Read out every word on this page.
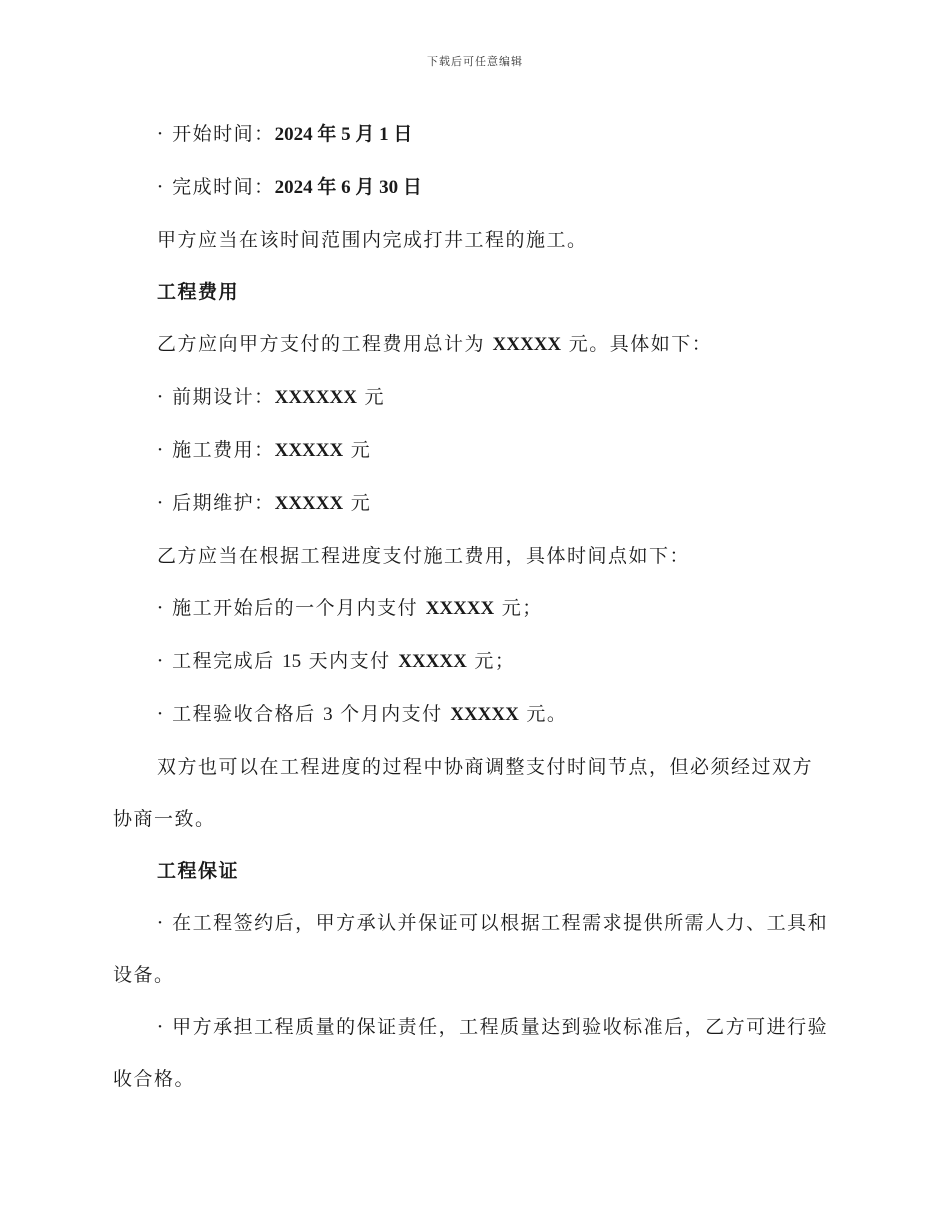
下载后可任意编辑
· 开始时间：2024 年 5 月 1 日
· 完成时间：2024 年 6 月 30 日
甲方应当在该时间范围内完成打井工程的施工。
工程费用
乙方应向甲方支付的工程费用总计为 XXXXX 元。具体如下：
· 前期设计：XXXXXX 元
· 施工费用：XXXXX 元
· 后期维护：XXXXX 元
乙方应当在根据工程进度支付施工费用，具体时间点如下：
· 施工开始后的一个月内支付 XXXXX 元；
· 工程完成后 15 天内支付 XXXXX 元；
· 工程验收合格后 3 个月内支付 XXXXX 元。
双方也可以在工程进度的过程中协商调整支付时间节点，但必须经过双方协商一致。
工程保证
· 在工程签约后，甲方承认并保证可以根据工程需求提供所需人力、工具和设备。
· 甲方承担工程质量的保证责任，工程质量达到验收标准后，乙方可进行验收合格。
